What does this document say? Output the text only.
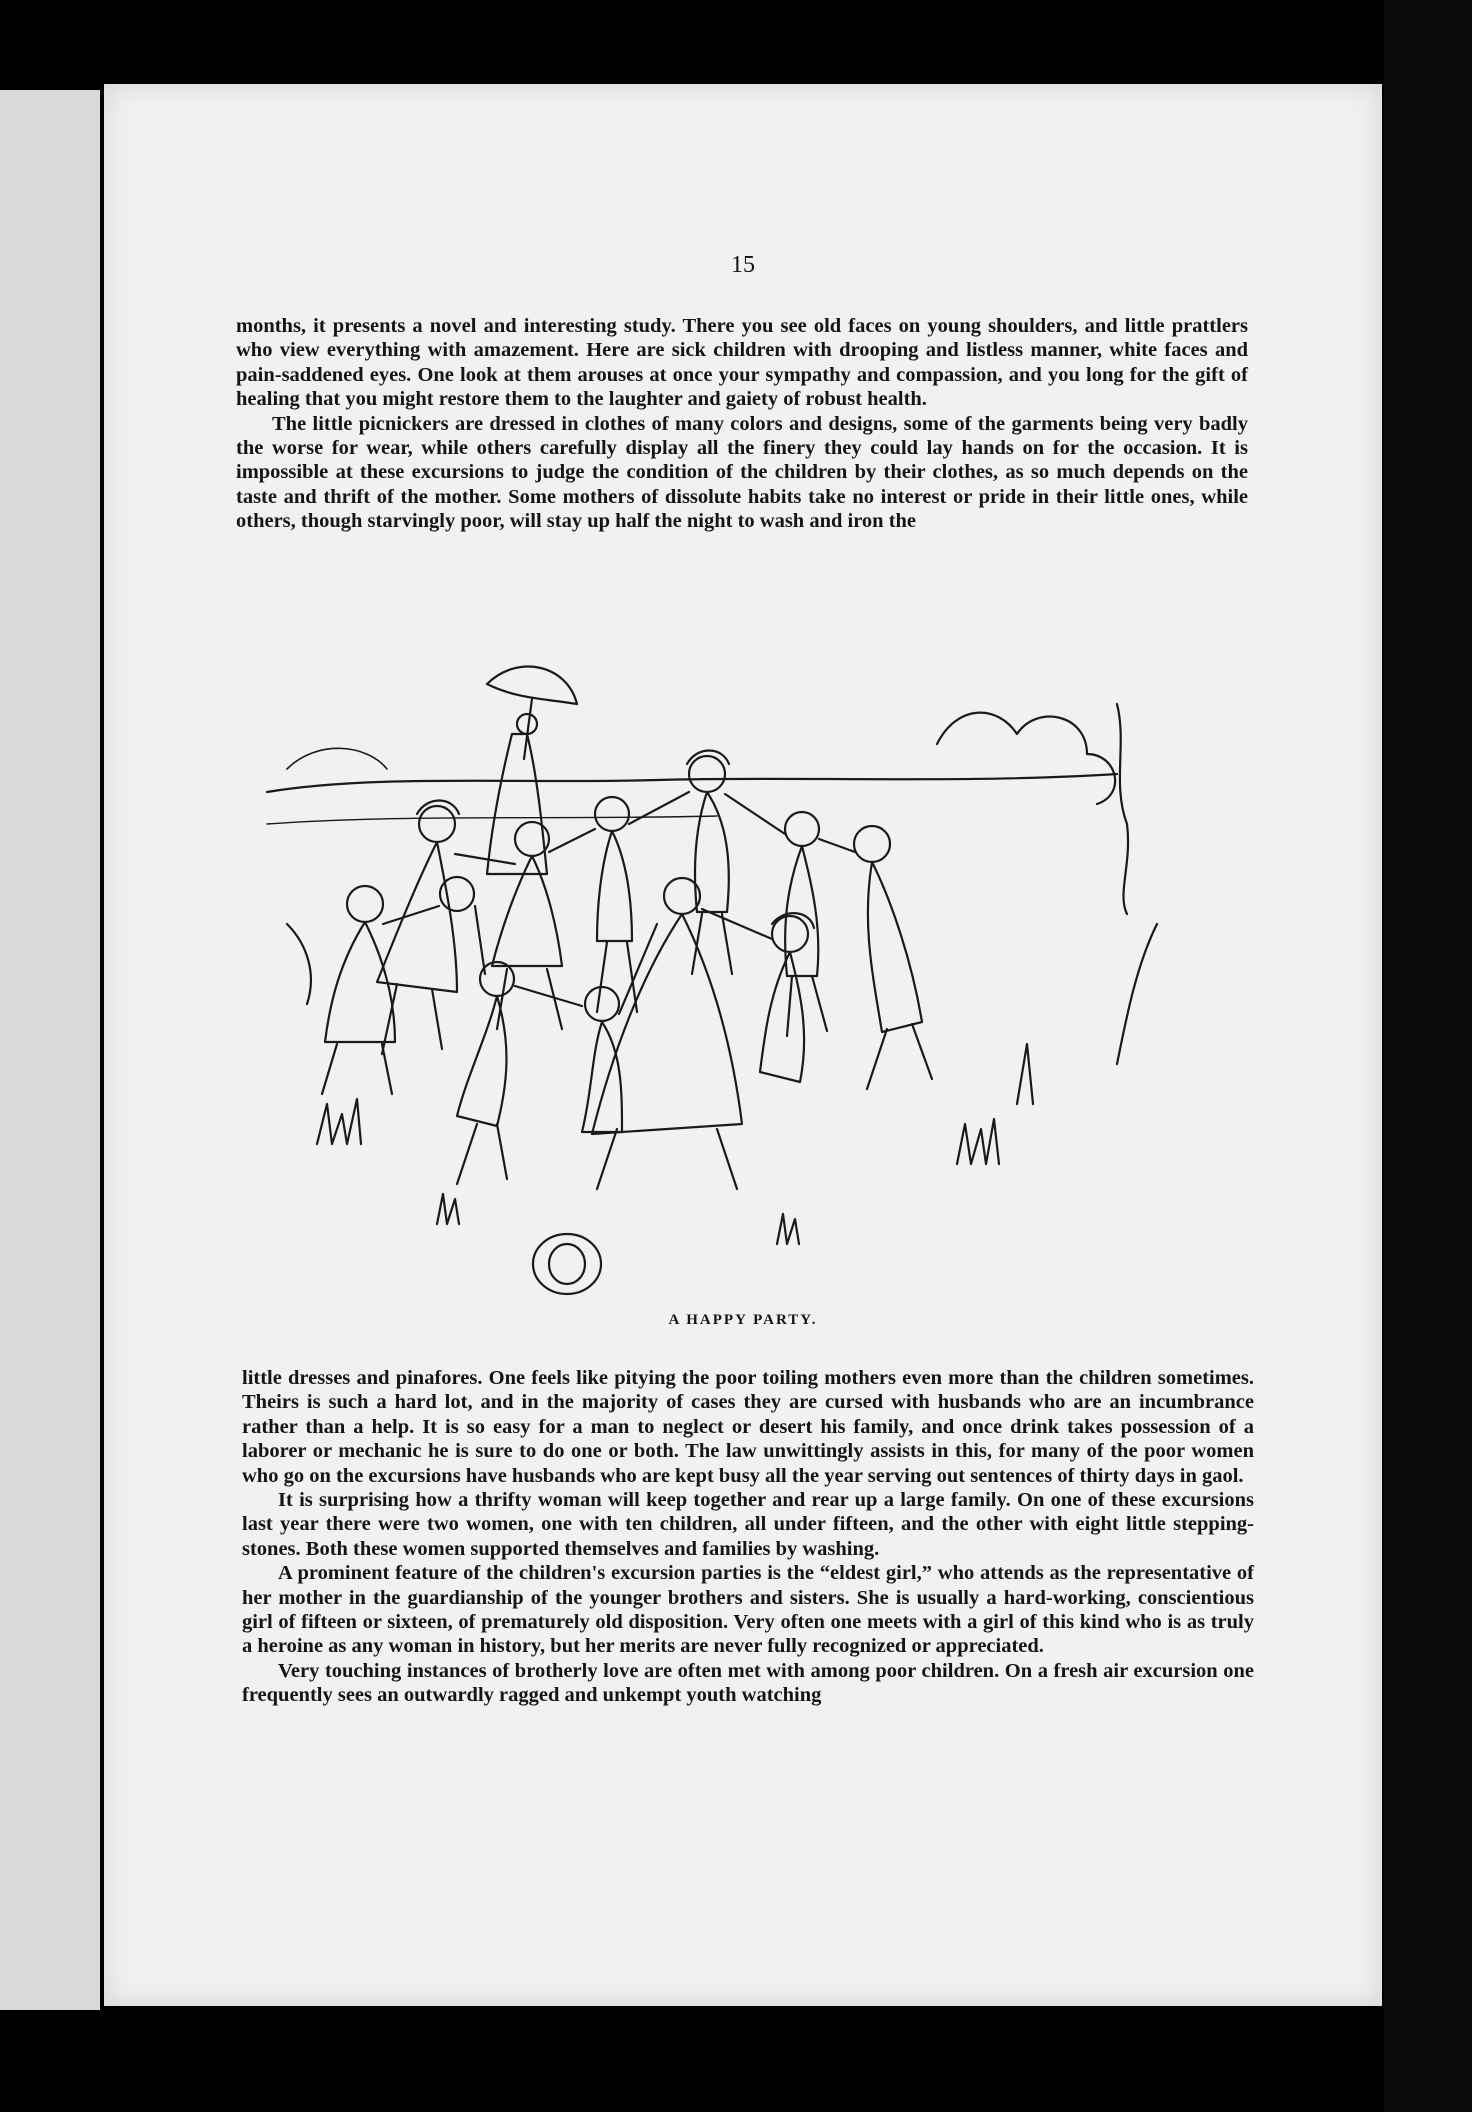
15

months, it presents a novel and interesting study. There you see old faces on young shoulders, and little prattlers who view everything with amazement. Here are sick children with drooping and listless manner, white faces and pain-saddened eyes. One look at them arouses at once your sympathy and compassion, and you long for the gift of healing that you might restore them to the laughter and gaiety of robust health.

The little picnickers are dressed in clothes of many colors and designs, some of the garments being very badly the worse for wear, while others carefully display all the finery they could lay hands on for the occasion. It is impossible at these excursions to judge the condition of the children by their clothes, as so much depends on the taste and thrift of the mother. Some mothers of dissolute habits take no interest or pride in their little ones, while others, though starvingly poor, will stay up half the night to wash and iron the

A HAPPY PARTY.

little dresses and pinafores. One feels like pitying the poor toiling mothers even more than the children sometimes. Theirs is such a hard lot, and in the majority of cases they are cursed with husbands who are an incumbrance rather than a help. It is so easy for a man to neglect or desert his family, and once drink takes possession of a laborer or mechanic he is sure to do one or both. The law unwittingly assists in this, for many of the poor women who go on the excursions have husbands who are kept busy all the year serving out sentences of thirty days in gaol.

It is surprising how a thrifty woman will keep together and rear up a large family. On one of these excursions last year there were two women, one with ten children, all under fifteen, and the other with eight little stepping-stones. Both these women supported themselves and families by washing.

A prominent feature of the children's excursion parties is the “eldest girl,” who attends as the representative of her mother in the guardianship of the younger brothers and sisters. She is usually a hard-working, conscientious girl of fifteen or sixteen, of prematurely old disposition. Very often one meets with a girl of this kind who is as truly a heroine as any woman in history, but her merits are never fully recognized or appreciated.

Very touching instances of brotherly love are often met with among poor children. On a fresh air excursion one frequently sees an outwardly ragged and unkempt youth watching
